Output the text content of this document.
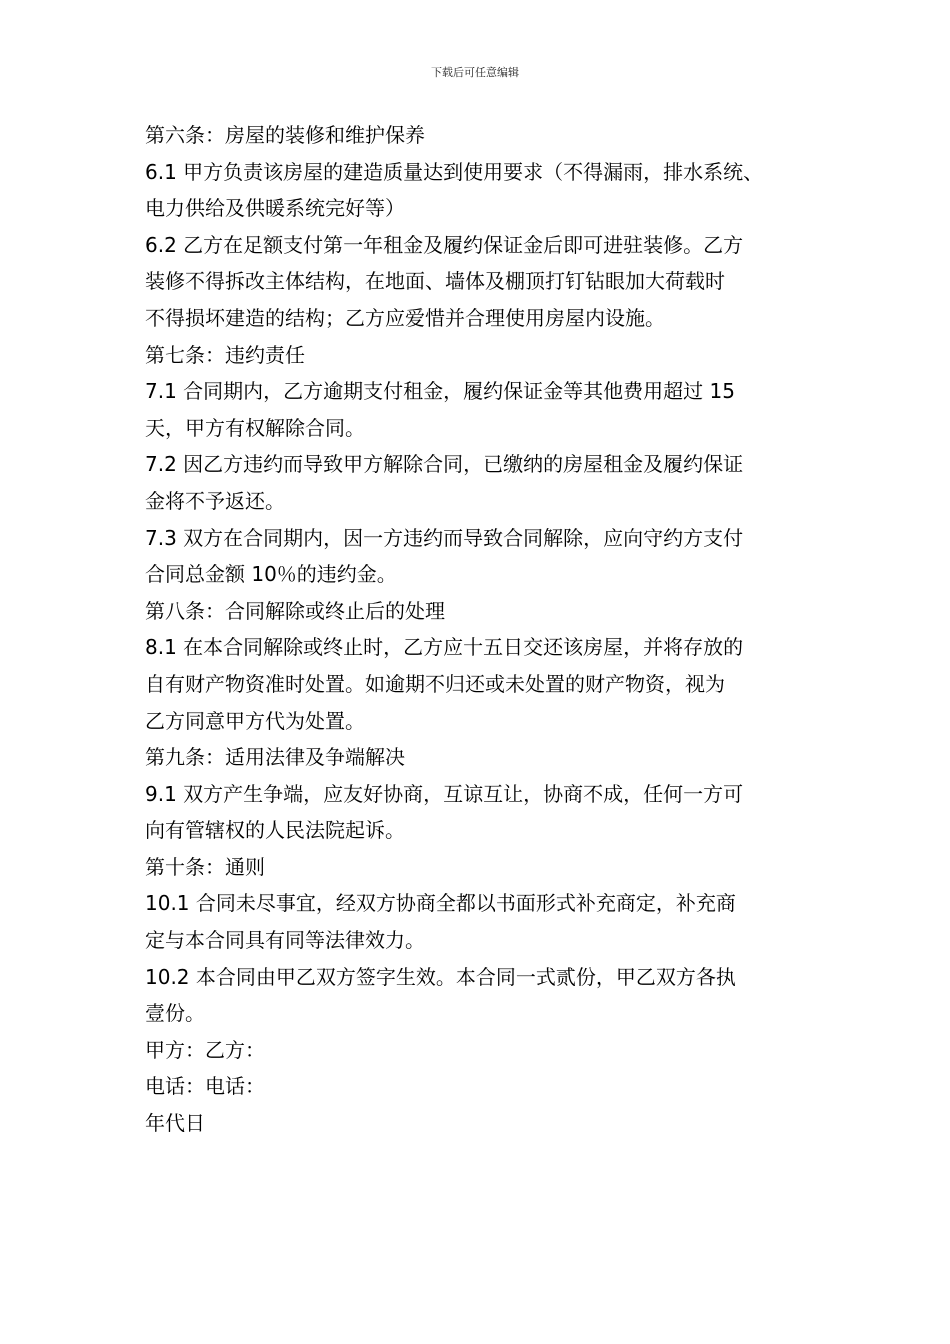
下载后可任意编辑
第六条：房屋的装修和维护保养
6.1 甲方负责该房屋的建造质量达到使用要求（不得漏雨，排水系统、
电力供给及供暖系统完好等）
6.2 乙方在足额支付第一年租金及履约保证金后即可进驻装修。乙方
装修不得拆改主体结构，在地面、墙体及棚顶打钉钻眼加大荷载时
不得损坏建造的结构；乙方应爱惜并合理使用房屋内设施。
第七条：违约责任
7.1 合同期内，乙方逾期支付租金，履约保证金等其他费用超过 15
天，甲方有权解除合同。
7.2 因乙方违约而导致甲方解除合同，已缴纳的房屋租金及履约保证
金将不予返还。
7.3 双方在合同期内，因一方违约而导致合同解除，应向守约方支付
合同总金额 10％的违约金。
第八条：合同解除或终止后的处理
8.1 在本合同解除或终止时，乙方应十五日交还该房屋，并将存放的
自有财产物资准时处置。如逾期不归还或未处置的财产物资，视为
乙方同意甲方代为处置。
第九条：适用法律及争端解决
9.1 双方产生争端，应友好协商，互谅互让，协商不成，任何一方可
向有管辖权的人民法院起诉。
第十条：通则
10.1 合同未尽事宜，经双方协商全都以书面形式补充商定，补充商
定与本合同具有同等法律效力。
10.2 本合同由甲乙双方签字生效。本合同一式贰份，甲乙双方各执
壹份。
甲方：乙方：
电话：电话：
年代日
